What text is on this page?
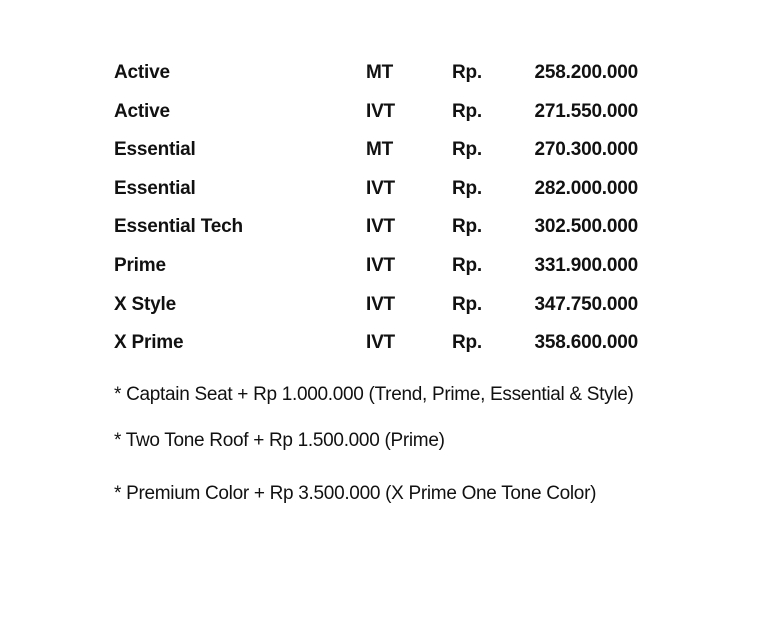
Active	MT	Rp.	258.200.000
Active	IVT	Rp.	271.550.000
Essential	MT	Rp.	270.300.000
Essential	IVT	Rp.	282.000.000
Essential Tech	IVT	Rp.	302.500.000
Prime	IVT	Rp.	331.900.000
X Style	IVT	Rp.	347.750.000
X Prime	IVT	Rp.	358.600.000
* Captain Seat + Rp 1.000.000 (Trend, Prime, Essential & Style)
* Two Tone Roof + Rp 1.500.000 (Prime)
* Premium Color + Rp 3.500.000 (X Prime One Tone Color)
